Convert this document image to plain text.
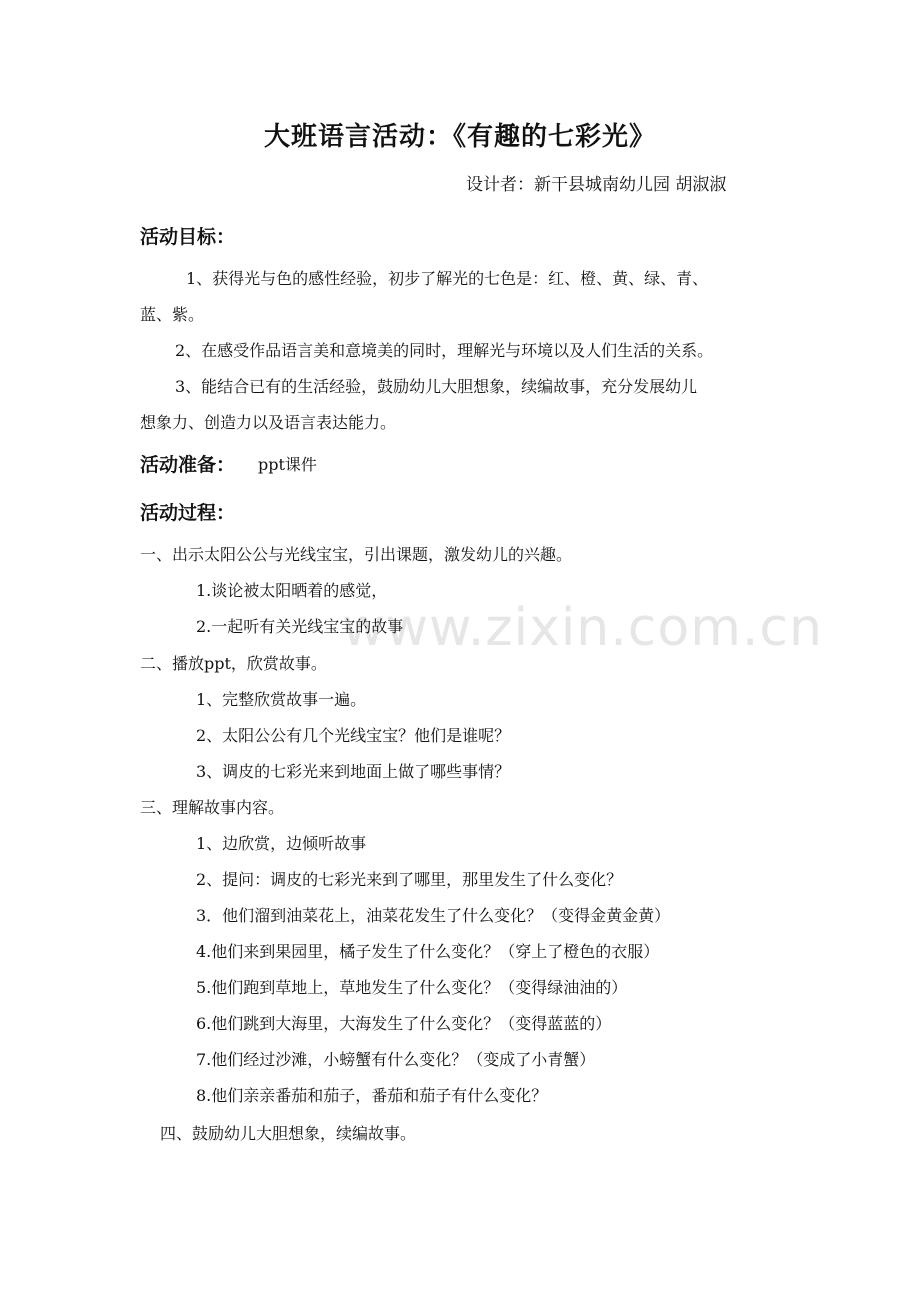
www.zixin.com.cn
大班语言活动：《有趣的七彩光》
设计者：新干县城南幼儿园 胡淑淑
活动目标：
1、获得光与色的感性经验，初步了解光的七色是：红、橙、黄、绿、青、
蓝、紫。
2、在感受作品语言美和意境美的同时，理解光与环境以及人们生活的关系。
3、能结合已有的生活经验，鼓励幼儿大胆想象，续编故事，充分发展幼儿
想象力、创造力以及语言表达能力。
活动准备： ppt课件
活动过程：
一、出示太阳公公与光线宝宝，引出课题，激发幼儿的兴趣。
1.谈论被太阳晒着的感觉，
2.一起听有关光线宝宝的故事
二、播放ppt，欣赏故事。
1、完整欣赏故事一遍。
2、太阳公公有几个光线宝宝？他们是谁呢？
3、调皮的七彩光来到地面上做了哪些事情？
三、理解故事内容。
1、边欣赏，边倾听故事
2、提问：调皮的七彩光来到了哪里，那里发生了什么变化？
3．他们溜到油菜花上，油菜花发生了什么变化？（变得金黄金黄）
4.他们来到果园里，橘子发生了什么变化？（穿上了橙色的衣服）
5.他们跑到草地上，草地发生了什么变化？（变得绿油油的）
6.他们跳到大海里，大海发生了什么变化？（变得蓝蓝的）
7.他们经过沙滩，小螃蟹有什么变化？（变成了小青蟹）
8.他们亲亲番茄和茄子，番茄和茄子有什么变化？
四、鼓励幼儿大胆想象，续编故事。
